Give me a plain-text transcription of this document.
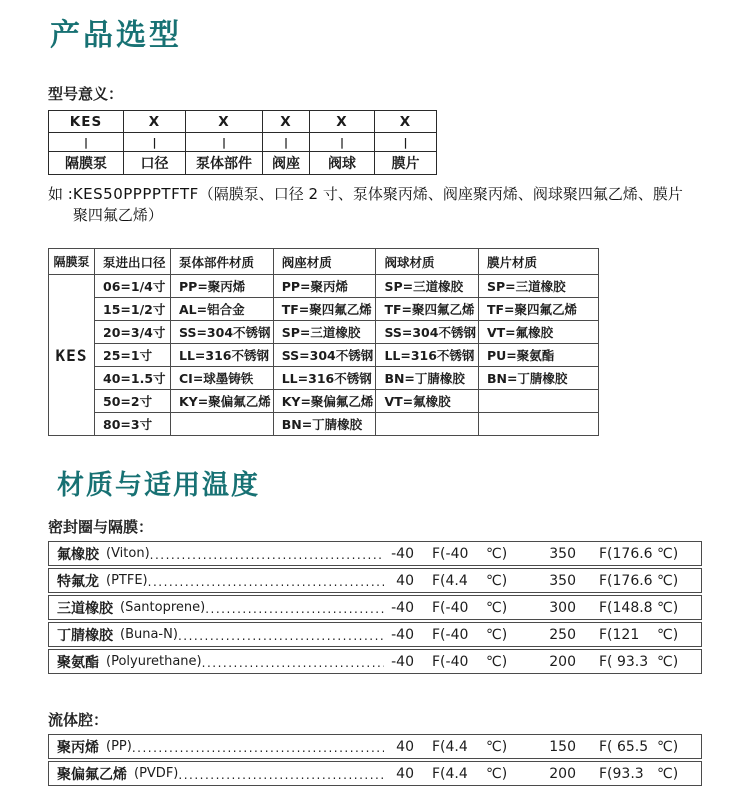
产品选型
型号意义：
KES	X	X	X	X	X
|	|	|	|	|	|
隔膜泵	口径	泵体部件	阀座	阀球	膜片
如 : KES50PPPPTFTF（隔膜泵、口径 2 寸、泵体聚丙烯、阀座聚丙烯、阀球聚四氟乙烯、膜片聚四氟乙烯）
隔膜泵	泵进出口径	泵体部件材质	阀座材质	阀球材质	膜片材质
KES	06=1/4寸	PP=聚丙烯	PP=聚丙烯	SP=三道橡胶	SP=三道橡胶
	15=1/2寸	AL=铝合金	TF=聚四氟乙烯	TF=聚四氟乙烯	TF=聚四氟乙烯
	20=3/4寸	SS=304不锈钢	SP=三道橡胶	SS=304不锈钢	VT=氟橡胶
	25=1寸	LL=316不锈钢	SS=304不锈钢	LL=316不锈钢	PU=聚氨酯
	40=1.5寸	CI=球墨铸铁	LL=316不锈钢	BN=丁腈橡胶	BN=丁腈橡胶
	50=2寸	KY=聚偏氟乙烯	KY=聚偏氟乙烯	VT=氟橡胶	
	80=3寸		BN=丁腈橡胶		
材质与适用温度
密封圈与隔膜：
氟橡胶 (Viton) .....	-40 F(-40	℃)	350 F(176.6 ℃)
特氟龙 (PTFE) .....	40 F(4.4	℃)	350 F(176.6 ℃)
三道橡胶 (Santoprene) .....	-40 F(-40	℃)	300 F(148.8 ℃)
丁腈橡胶 (Buna-N) .....	-40 F(-40	℃)	250 F(121	℃)
聚氨酯 (Polyurethane) .....	-40 F(-40	℃)	200 F( 93.3 ℃)
流体腔：
聚丙烯 (PP) .....	40 F(4.4	℃)	150 F( 65.5 ℃)
聚偏氟乙烯 (PVDF) .....	40 F(4.4	℃)	200 F(93.3 ℃)
